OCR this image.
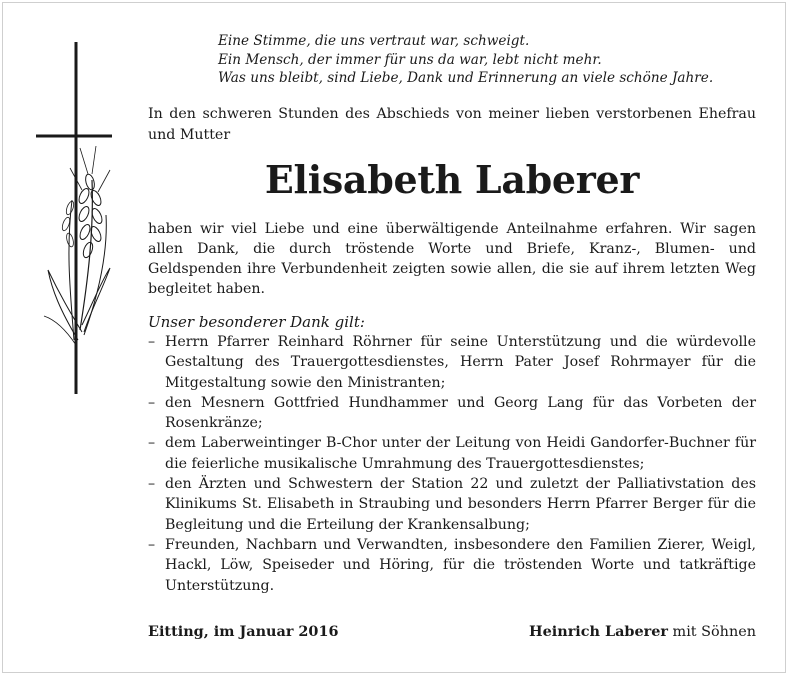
Eine Stimme, die uns vertraut war, schweigt.
Ein Mensch, der immer für uns da war, lebt nicht mehr.
Was uns bleibt, sind Liebe, Dank und Erinnerung an viele schöne Jahre.
In den schweren Stunden des Abschieds von meiner lieben verstorbenen Ehefrau und Mutter
Elisabeth Laberer
haben wir viel Liebe und eine überwältigende Anteilnahme erfahren. Wir sagen allen Dank, die durch tröstende Worte und Briefe, Kranz-, Blumen- und Geldspenden ihre Verbundenheit zeigten sowie allen, die sie auf ihrem letzten Weg begleitet haben.
Unser besonderer Dank gilt:
– Herrn Pfarrer Reinhard Röhrner für seine Unterstützung und die würdevolle Gestaltung des Trauergottesdienstes, Herrn Pater Josef Rohrmayer für die Mitgestaltung sowie den Ministranten;
– den Mesnern Gottfried Hundhammer und Georg Lang für das Vorbeten der Rosenkränze;
– dem Laberweintinger B-Chor unter der Leitung von Heidi Gandorfer-Buchner für die feierliche musikalische Umrahmung des Trauergottesdienstes;
– den Ärzten und Schwestern der Station 22 und zuletzt der Palliativstation des Klinikums St. Elisabeth in Straubing und besonders Herrn Pfarrer Berger für die Begleitung und die Erteilung der Krankensalbung;
– Freunden, Nachbarn und Verwandten, insbesondere den Familien Zierer, Weigl, Hackl, Löw, Speiseder und Höring, für die tröstenden Worte und tatkräftige Unterstützung.
Eitting, im Januar 2016	Heinrich Laberer mit Söhnen
